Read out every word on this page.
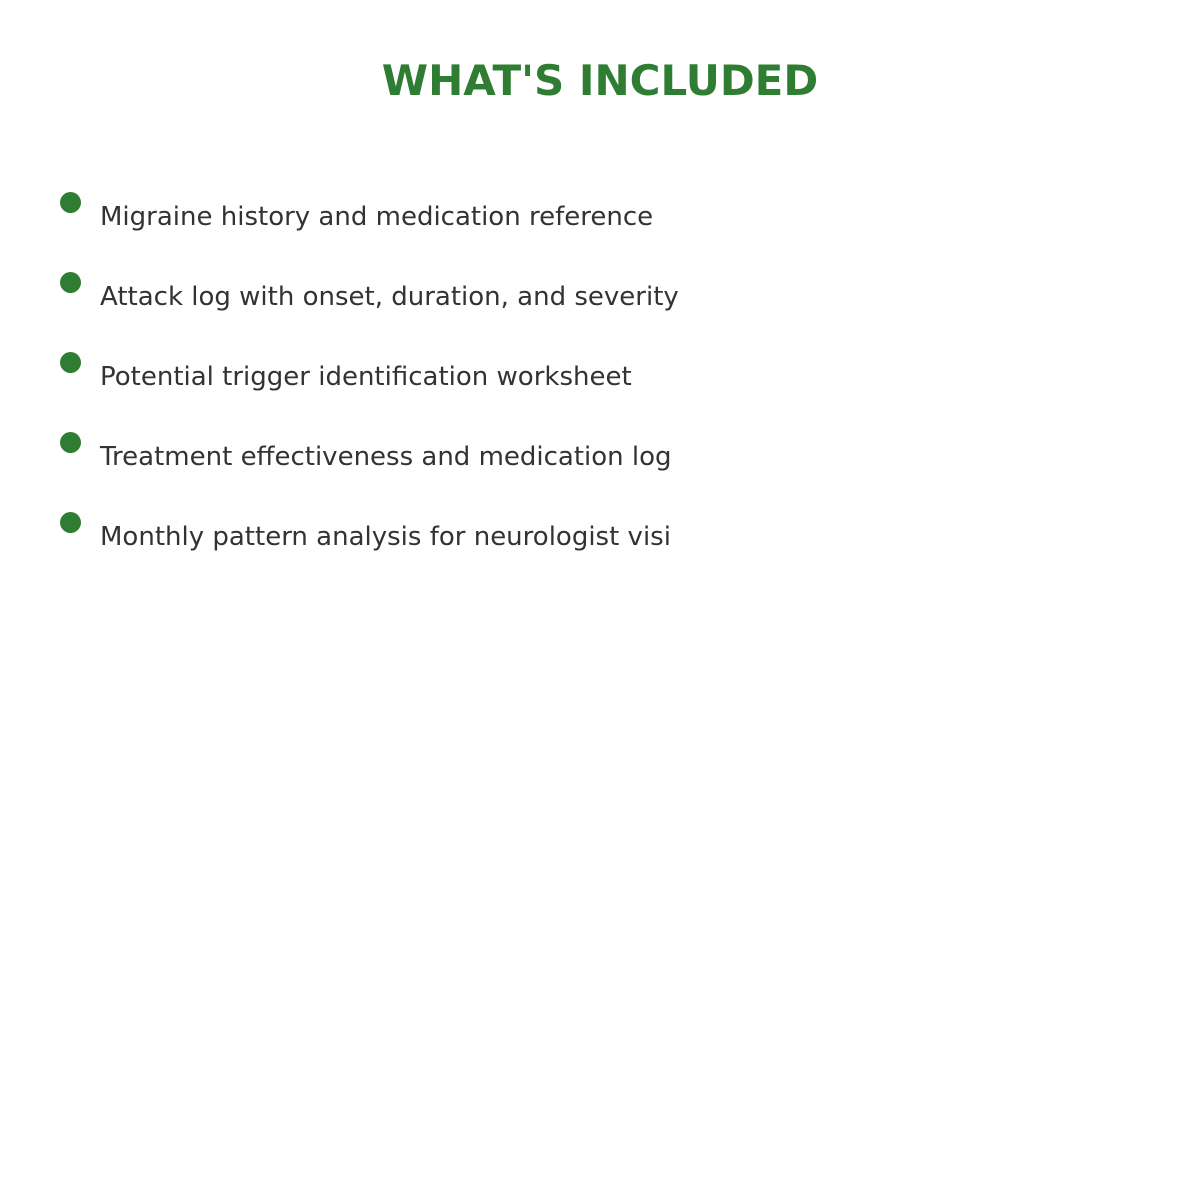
WHAT'S INCLUDED
Migraine history and medication reference
Attack log with onset, duration, and severity
Potential trigger identification worksheet
Treatment effectiveness and medication log
Monthly pattern analysis for neurologist visi
